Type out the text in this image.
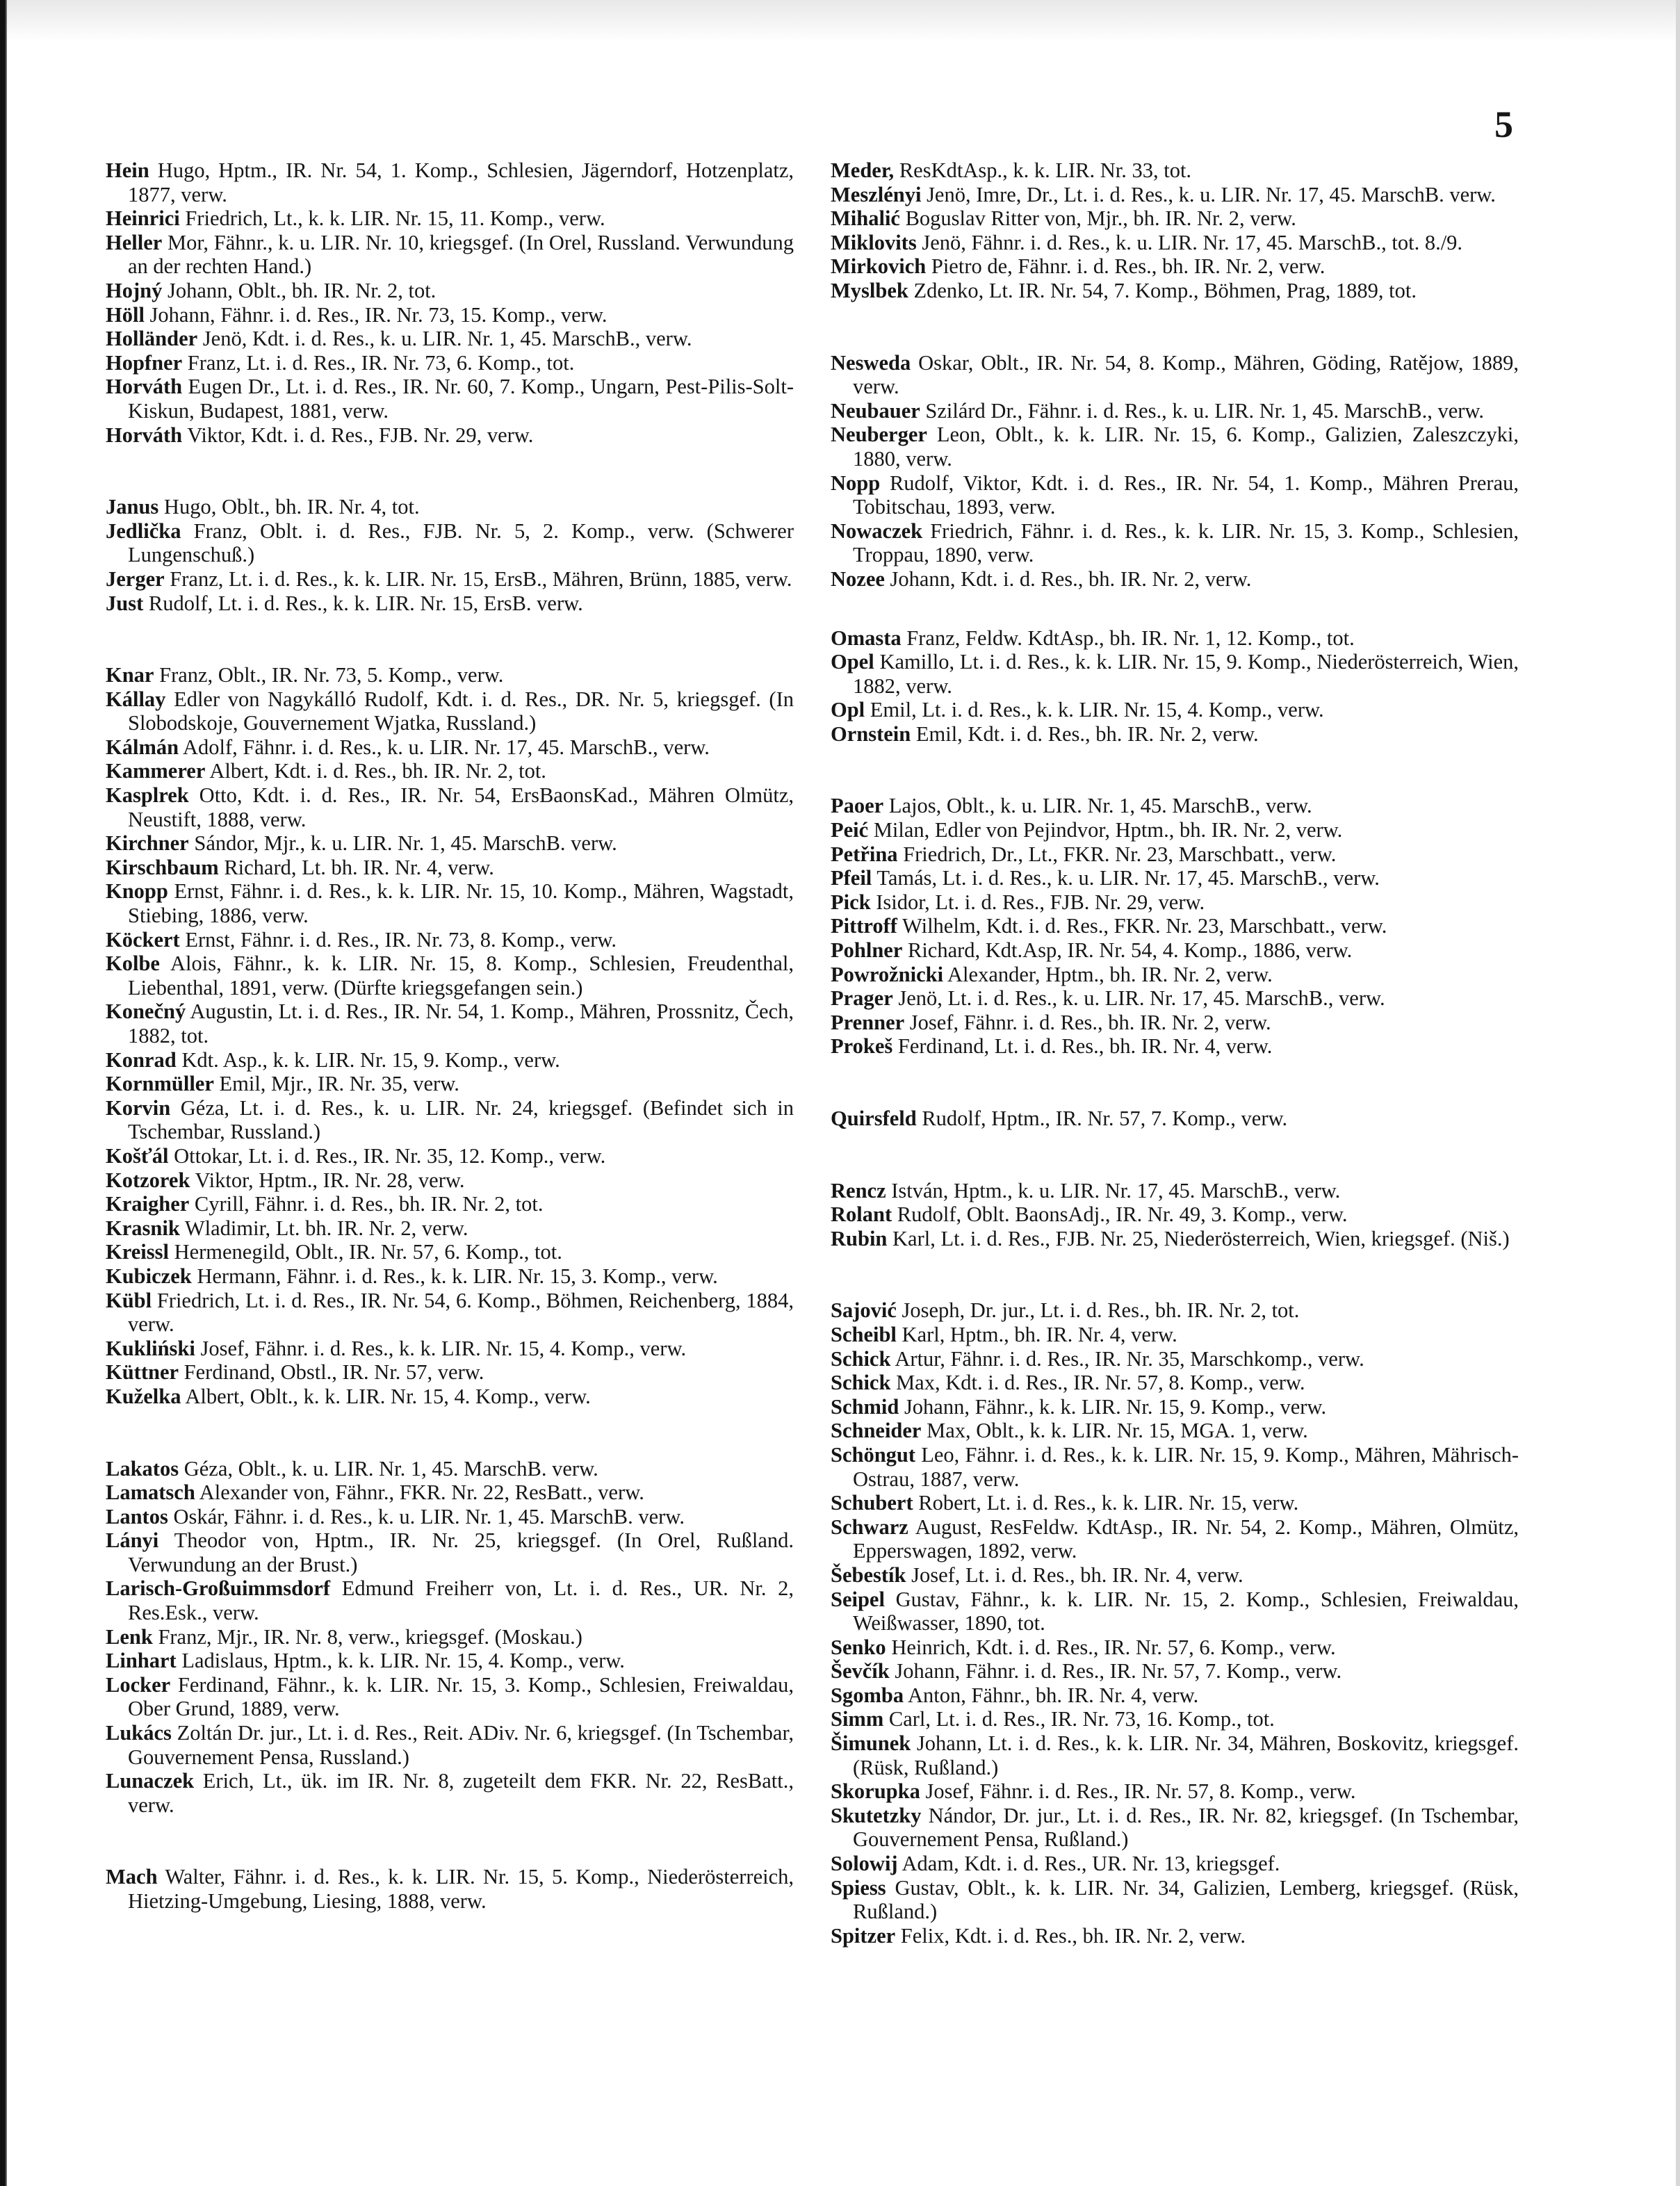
5
Hein Hugo, Hptm., IR. Nr. 54, 1. Komp., Schlesien, Jägerndorf, Hotzenplatz, 1877, verw.
Heinrici Friedrich, Lt., k. k. LIR. Nr. 15, 11. Komp., verw.
Heller Mor, Fähnr., k. u. LIR. Nr. 10, kriegsgef. (In Orel, Russland. Verwundung an der rechten Hand.)
Hojný Johann, Oblt., bh. IR. Nr. 2, tot.
Höll Johann, Fähnr. i. d. Res., IR. Nr. 73, 15. Komp., verw.
Holländer Jenö, Kdt. i. d. Res., k. u. LIR. Nr. 1, 45. MarschB., verw.
Hopfner Franz, Lt. i. d. Res., IR. Nr. 73, 6. Komp., tot.
Horváth Eugen Dr., Lt. i. d. Res., IR. Nr. 60, 7. Komp., Ungarn, Pest-Pilis-Solt-Kiskun, Budapest, 1881, verw.
Horváth Viktor, Kdt. i. d. Res., FJB. Nr. 29, verw.
Janus Hugo, Oblt., bh. IR. Nr. 4, tot.
Jedlička Franz, Oblt. i. d. Res., FJB. Nr. 5, 2. Komp., verw. (Schwerer Lungenschuß.)
Jerger Franz, Lt. i. d. Res., k. k. LIR. Nr. 15, ErsB., Mähren, Brünn, 1885, verw.
Just Rudolf, Lt. i. d. Res., k. k. LIR. Nr. 15, ErsB. verw.
Knar Franz, Oblt., IR. Nr. 73, 5. Komp., verw.
Kállay Edler von Nagykálló Rudolf, Kdt. i. d. Res., DR. Nr. 5, kriegsgef. (In Slobodskoje, Gouvernement Wjatka, Russland.)
Kálmán Adolf, Fähnr. i. d. Res., k. u. LIR. Nr. 17, 45. MarschB., verw.
Kammerer Albert, Kdt. i. d. Res., bh. IR. Nr. 2, tot.
Kasplrek Otto, Kdt. i. d. Res., IR. Nr. 54, ErsBaonsKad., Mähren Olmütz, Neustift, 1888, verw.
Kirchner Sándor, Mjr., k. u. LIR. Nr. 1, 45. MarschB. verw.
Kirschbaum Richard, Lt. bh. IR. Nr. 4, verw.
Knopp Ernst, Fähnr. i. d. Res., k. k. LIR. Nr. 15, 10. Komp., Mähren, Wagstadt, Stiebing, 1886, verw.
Köckert Ernst, Fähnr. i. d. Res., IR. Nr. 73, 8. Komp., verw.
Kolbe Alois, Fähnr., k. k. LIR. Nr. 15, 8. Komp., Schlesien, Freudenthal, Liebenthal, 1891, verw. (Dürfte kriegsgefangen sein.)
Konečný Augustin, Lt. i. d. Res., IR. Nr. 54, 1. Komp., Mähren, Prossnitz, Čech, 1882, tot.
Konrad Kdt. Asp., k. k. LIR. Nr. 15, 9. Komp., verw.
Kornmüller Emil, Mjr., IR. Nr. 35, verw.
Korvin Géza, Lt. i. d. Res., k. u. LIR. Nr. 24, kriegsgef. (Befindet sich in Tschembar, Russland.)
Košťál Ottokar, Lt. i. d. Res., IR. Nr. 35, 12. Komp., verw.
Kotzorek Viktor, Hptm., IR. Nr. 28, verw.
Kraigher Cyrill, Fähnr. i. d. Res., bh. IR. Nr. 2, tot.
Krasnik Wladimir, Lt. bh. IR. Nr. 2, verw.
Kreissl Hermenegild, Oblt., IR. Nr. 57, 6. Komp., tot.
Kubiczek Hermann, Fähnr. i. d. Res., k. k. LIR. Nr. 15, 3. Komp., verw.
Kübl Friedrich, Lt. i. d. Res., IR. Nr. 54, 6. Komp., Böhmen, Reichenberg, 1884, verw.
Kukliński Josef, Fähnr. i. d. Res., k. k. LIR. Nr. 15, 4. Komp., verw.
Küttner Ferdinand, Obstl., IR. Nr. 57, verw.
Kuželka Albert, Oblt., k. k. LIR. Nr. 15, 4. Komp., verw.
Lakatos Géza, Oblt., k. u. LIR. Nr. 1, 45. MarschB. verw.
Lamatsch Alexander von, Fähnr., FKR. Nr. 22, ResBatt., verw.
Lantos Oskár, Fähnr. i. d. Res., k. u. LIR. Nr. 1, 45. MarschB. verw.
Lányi Theodor von, Hptm., IR. Nr. 25, kriegsgef. (In Orel, Rußland. Verwundung an der Brust.)
Larisch-Großuimmsdorf Edmund Freiherr von, Lt. i. d. Res., UR. Nr. 2, Res.Esk., verw.
Lenk Franz, Mjr., IR. Nr. 8, verw., kriegsgef. (Moskau.)
Linhart Ladislaus, Hptm., k. k. LIR. Nr. 15, 4. Komp., verw.
Locker Ferdinand, Fähnr., k. k. LIR. Nr. 15, 3. Komp., Schlesien, Freiwaldau, Ober Grund, 1889, verw.
Lukács Zoltán Dr. jur., Lt. i. d. Res., Reit. ADiv. Nr. 6, kriegsgef. (In Tschembar, Gouvernement Pensa, Russland.)
Lunaczek Erich, Lt., ük. im IR. Nr. 8, zugeteilt dem FKR. Nr. 22, ResBatt., verw.
Mach Walter, Fähnr. i. d. Res., k. k. LIR. Nr. 15, 5. Komp., Niederösterreich, Hietzing-Umgebung, Liesing, 1888, verw.
Meder, ResKdtAsp., k. k. LIR. Nr. 33, tot.
Meszlényi Jenö, Imre, Dr., Lt. i. d. Res., k. u. LIR. Nr. 17, 45. MarschB. verw.
Mihalić Boguslav Ritter von, Mjr., bh. IR. Nr. 2, verw.
Miklovits Jenö, Fähnr. i. d. Res., k. u. LIR. Nr. 17, 45. MarschB., tot. 8./9.
Mirkovich Pietro de, Fähnr. i. d. Res., bh. IR. Nr. 2, verw.
Myslbek Zdenko, Lt. IR. Nr. 54, 7. Komp., Böhmen, Prag, 1889, tot.
Nesweda Oskar, Oblt., IR. Nr. 54, 8. Komp., Mähren, Göding, Ratějow, 1889, verw.
Neubauer Szilárd Dr., Fähnr. i. d. Res., k. u. LIR. Nr. 1, 45. MarschB., verw.
Neuberger Leon, Oblt., k. k. LIR. Nr. 15, 6. Komp., Galizien, Zaleszczyki, 1880, verw.
Nopp Rudolf, Viktor, Kdt. i. d. Res., IR. Nr. 54, 1. Komp., Mähren Prerau, Tobitschau, 1893, verw.
Nowaczek Friedrich, Fähnr. i. d. Res., k. k. LIR. Nr. 15, 3. Komp., Schlesien, Troppau, 1890, verw.
Nozee Johann, Kdt. i. d. Res., bh. IR. Nr. 2, verw.
Omasta Franz, Feldw. KdtAsp., bh. IR. Nr. 1, 12. Komp., tot.
Opel Kamillo, Lt. i. d. Res., k. k. LIR. Nr. 15, 9. Komp., Niederösterreich, Wien, 1882, verw.
Opl Emil, Lt. i. d. Res., k. k. LIR. Nr. 15, 4. Komp., verw.
Ornstein Emil, Kdt. i. d. Res., bh. IR. Nr. 2, verw.
Paoer Lajos, Oblt., k. u. LIR. Nr. 1, 45. MarschB., verw.
Peić Milan, Edler von Pejindvor, Hptm., bh. IR. Nr. 2, verw.
Petřina Friedrich, Dr., Lt., FKR. Nr. 23, Marschbatt., verw.
Pfeil Tamás, Lt. i. d. Res., k. u. LIR. Nr. 17, 45. MarschB., verw.
Pick Isidor, Lt. i. d. Res., FJB. Nr. 29, verw.
Pittroff Wilhelm, Kdt. i. d. Res., FKR. Nr. 23, Marschbatt., verw.
Pohlner Richard, Kdt.Asp, IR. Nr. 54, 4. Komp., 1886, verw.
Powrožnicki Alexander, Hptm., bh. IR. Nr. 2, verw.
Prager Jenö, Lt. i. d. Res., k. u. LIR. Nr. 17, 45. MarschB., verw.
Prenner Josef, Fähnr. i. d. Res., bh. IR. Nr. 2, verw.
Prokeš Ferdinand, Lt. i. d. Res., bh. IR. Nr. 4, verw.
Quirsfeld Rudolf, Hptm., IR. Nr. 57, 7. Komp., verw.
Rencz István, Hptm., k. u. LIR. Nr. 17, 45. MarschB., verw.
Rolant Rudolf, Oblt. BaonsAdj., IR. Nr. 49, 3. Komp., verw.
Rubin Karl, Lt. i. d. Res., FJB. Nr. 25, Niederösterreich, Wien, kriegsgef. (Niš.)
Sajović Joseph, Dr. jur., Lt. i. d. Res., bh. IR. Nr. 2, tot.
Scheibl Karl, Hptm., bh. IR. Nr. 4, verw.
Schick Artur, Fähnr. i. d. Res., IR. Nr. 35, Marschkomp., verw.
Schick Max, Kdt. i. d. Res., IR. Nr. 57, 8. Komp., verw.
Schmid Johann, Fähnr., k. k. LIR. Nr. 15, 9. Komp., verw.
Schneider Max, Oblt., k. k. LIR. Nr. 15, MGA. 1, verw.
Schöngut Leo, Fähnr. i. d. Res., k. k. LIR. Nr. 15, 9. Komp., Mähren, Mährisch-Ostrau, 1887, verw.
Schubert Robert, Lt. i. d. Res., k. k. LIR. Nr. 15, verw.
Schwarz August, ResFeldw. KdtAsp., IR. Nr. 54, 2. Komp., Mähren, Olmütz, Epperswagen, 1892, verw.
Šebestík Josef, Lt. i. d. Res., bh. IR. Nr. 4, verw.
Seipel Gustav, Fähnr., k. k. LIR. Nr. 15, 2. Komp., Schlesien, Freiwaldau, Weißwasser, 1890, tot.
Senko Heinrich, Kdt. i. d. Res., IR. Nr. 57, 6. Komp., verw.
Ševčík Johann, Fähnr. i. d. Res., IR. Nr. 57, 7. Komp., verw.
Sgomba Anton, Fähnr., bh. IR. Nr. 4, verw.
Simm Carl, Lt. i. d. Res., IR. Nr. 73, 16. Komp., tot.
Šimunek Johann, Lt. i. d. Res., k. k. LIR. Nr. 34, Mähren, Boskovitz, kriegsgef. (Rüsk, Rußland.)
Skorupka Josef, Fähnr. i. d. Res., IR. Nr. 57, 8. Komp., verw.
Skutetzky Nándor, Dr. jur., Lt. i. d. Res., IR. Nr. 82, kriegsgef. (In Tschembar, Gouvernement Pensa, Rußland.)
Solowij Adam, Kdt. i. d. Res., UR. Nr. 13, kriegsgef.
Spiess Gustav, Oblt., k. k. LIR. Nr. 34, Galizien, Lemberg, kriegsgef. (Rüsk, Rußland.)
Spitzer Felix, Kdt. i. d. Res., bh. IR. Nr. 2, verw.
